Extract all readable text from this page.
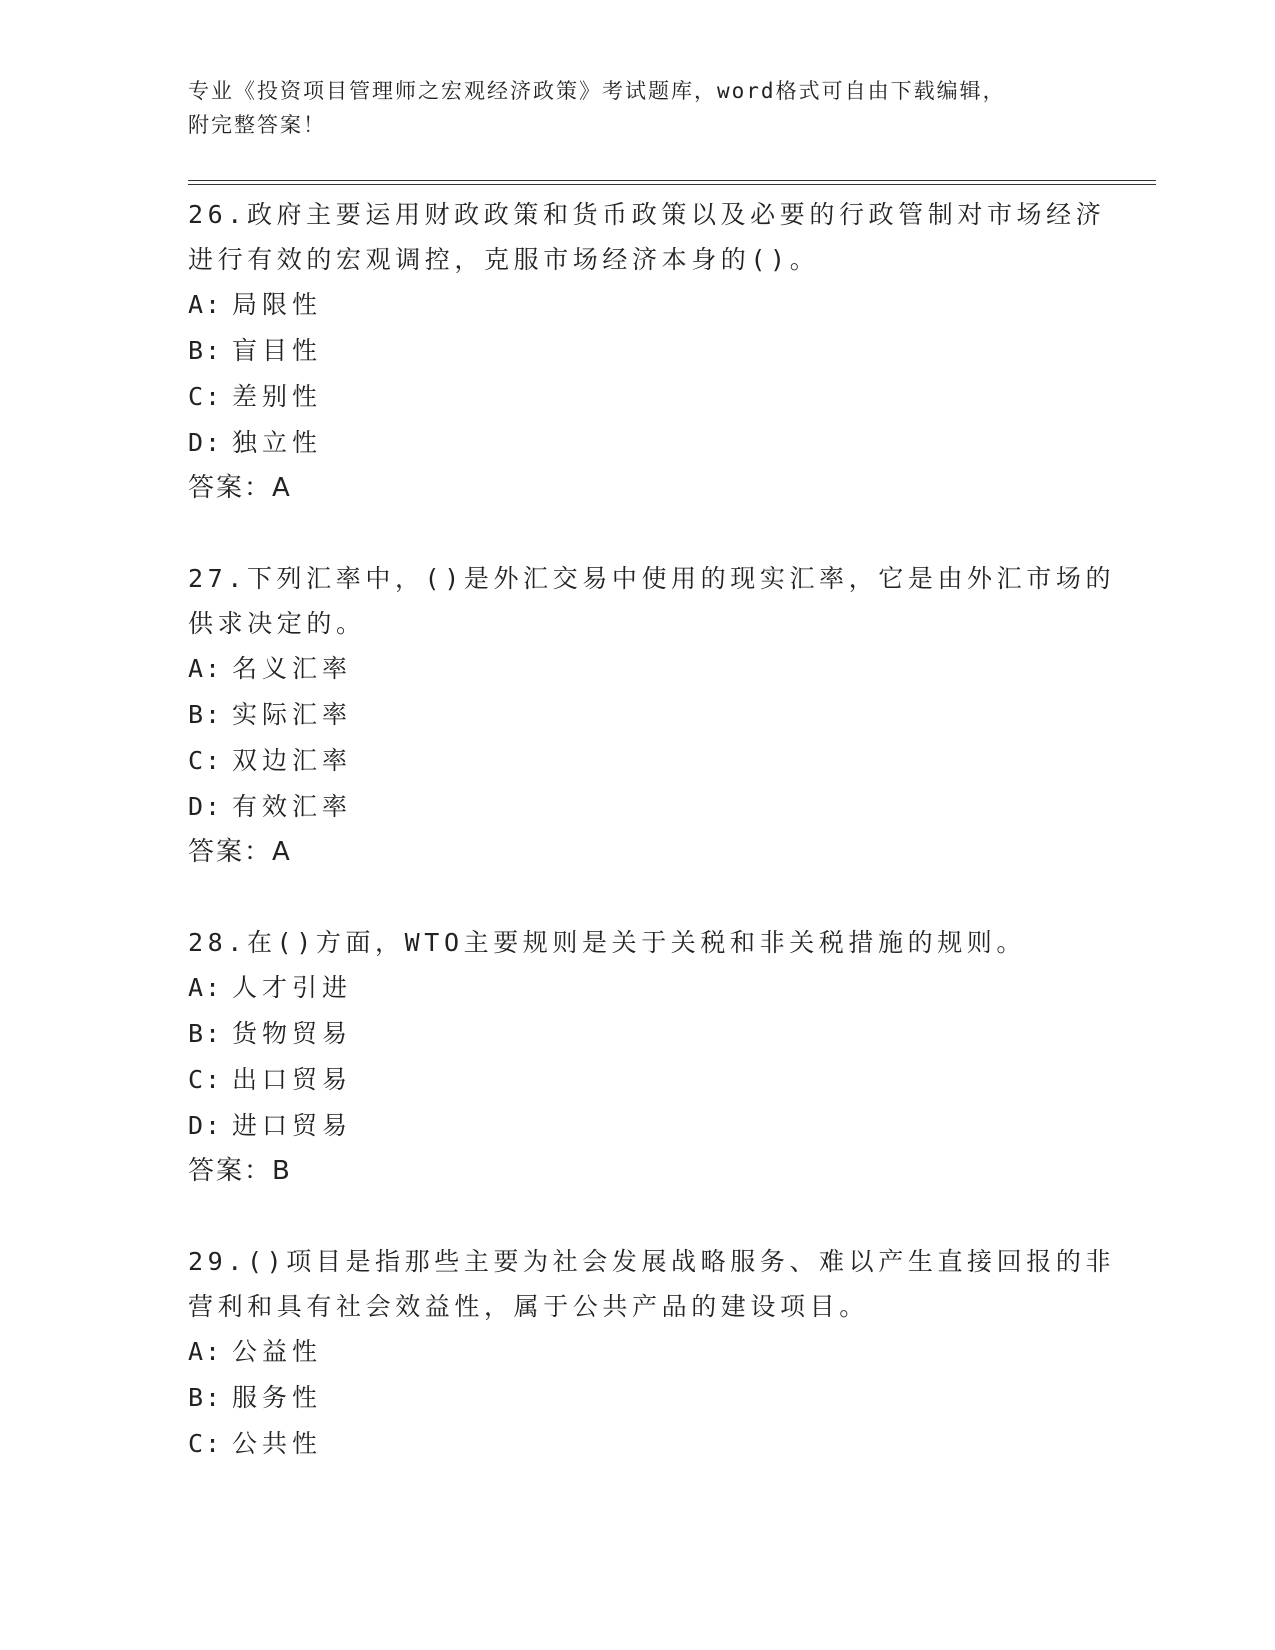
专业《投资项目管理师之宏观经济政策》考试题库，word格式可自由下载编辑，
附完整答案！
26.政府主要运用财政政策和货币政策以及必要的行政管制对市场经济
进行有效的宏观调控，克服市场经济本身的()。
A: 局限性
B: 盲目性
C: 差别性
D: 独立性
答案：A
27.下列汇率中，()是外汇交易中使用的现实汇率，它是由外汇市场的
供求决定的。
A: 名义汇率
B: 实际汇率
C: 双边汇率
D: 有效汇率
答案：A
28.在()方面，WTO主要规则是关于关税和非关税措施的规则。
A: 人才引进
B: 货物贸易
C: 出口贸易
D: 进口贸易
答案：B
29.()项目是指那些主要为社会发展战略服务、难以产生直接回报的非
营利和具有社会效益性，属于公共产品的建设项目。
A: 公益性
B: 服务性
C: 公共性
